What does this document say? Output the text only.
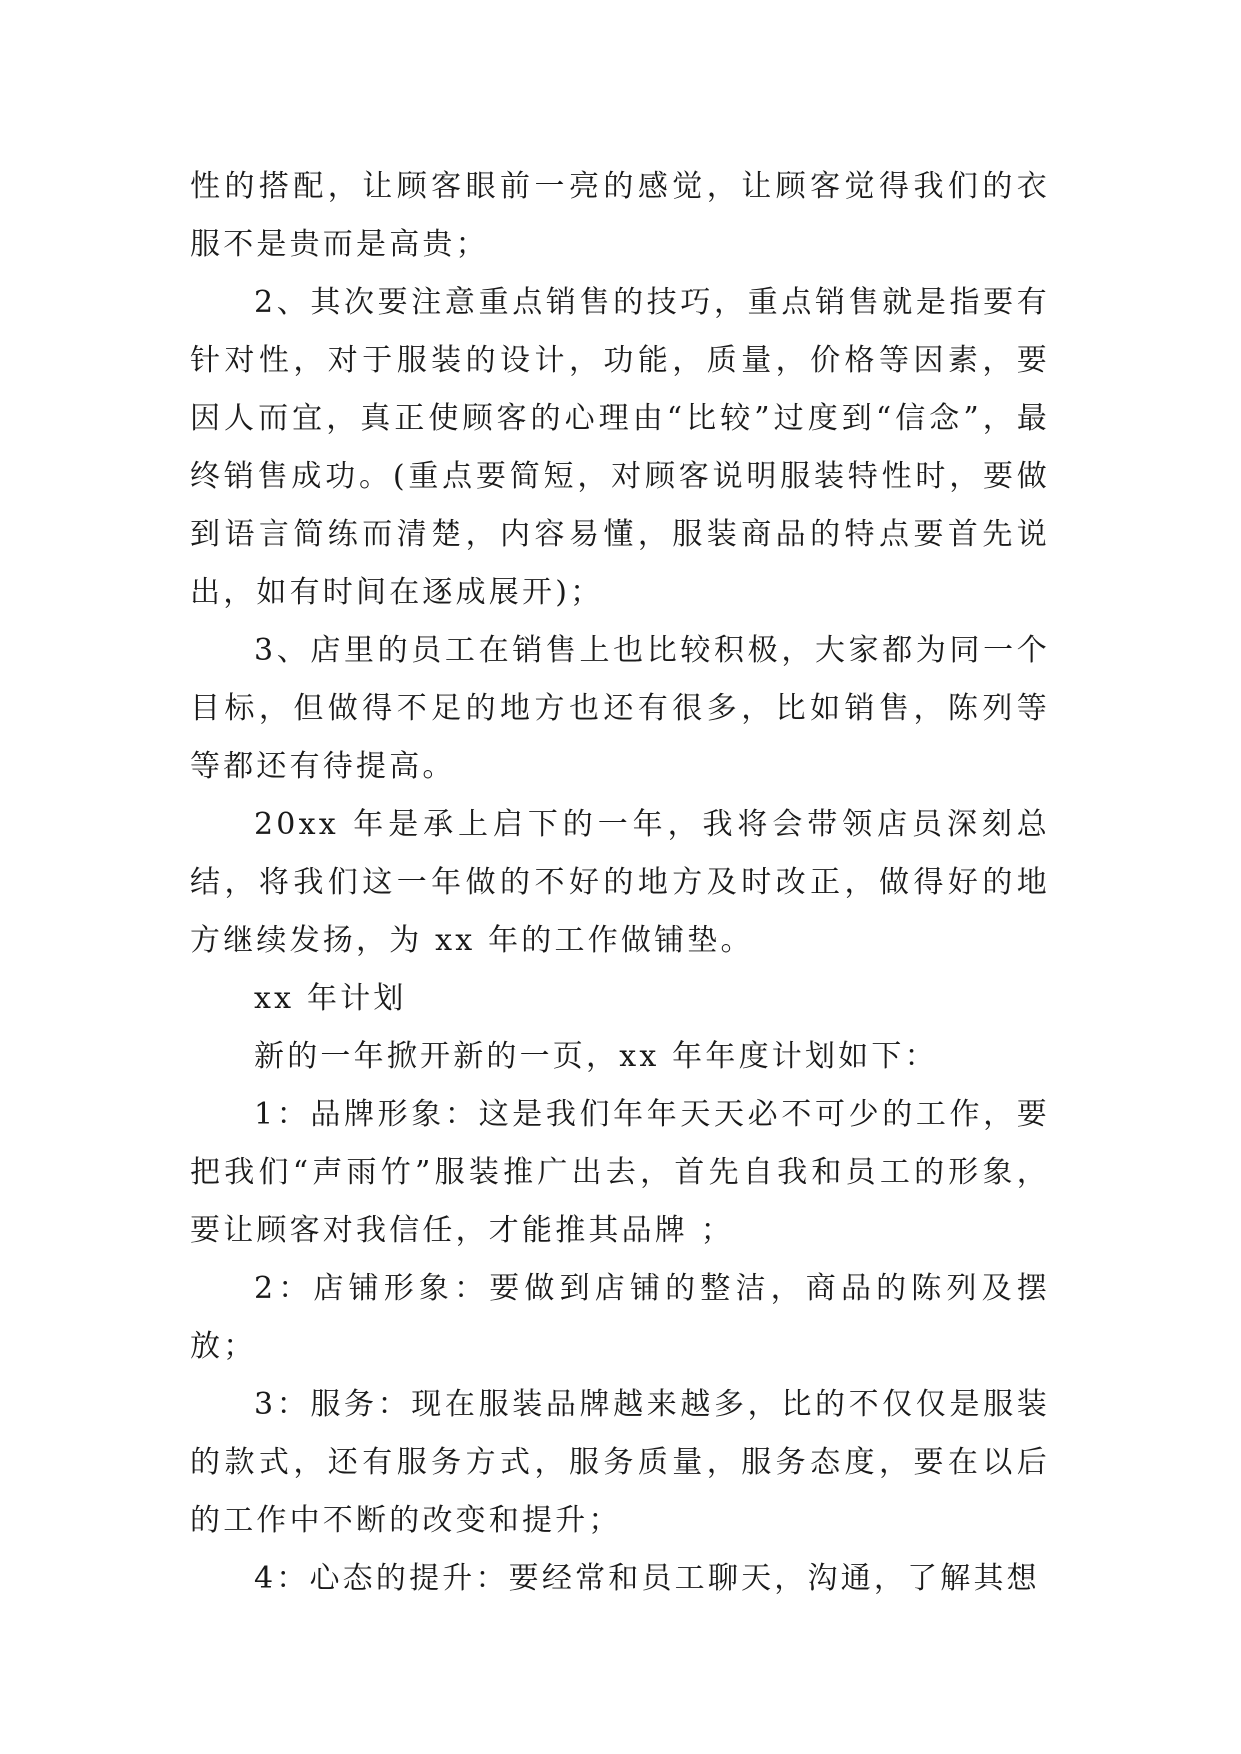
性的搭配，让顾客眼前一亮的感觉，让顾客觉得我们的衣服不是贵而是高贵；

2、其次要注意重点销售的技巧，重点销售就是指要有针对性，对于服装的设计，功能，质量，价格等因素，要因人而宜，真正使顾客的心理由“比较”过度到“信念”，最终销售成功。(重点要简短，对顾客说明服装特性时，要做到语言简练而清楚，内容易懂，服装商品的特点要首先说出，如有时间在逐成展开)；

3、店里的员工在销售上也比较积极，大家都为同一个目标，但做得不足的地方也还有很多，比如销售，陈列等等都还有待提高。

20xx 年是承上启下的一年，我将会带领店员深刻总结，将我们这一年做的不好的地方及时改正，做得好的地方继续发扬，为 xx 年的工作做铺垫。

xx 年计划

新的一年掀开新的一页，xx 年年度计划如下：

1：品牌形象：这是我们年年天天必不可少的工作，要把我们“声雨竹”服装推广出去，首先自我和员工的形象，要让顾客对我信任，才能推其品牌 ；

2：店铺形象：要做到店铺的整洁，商品的陈列及摆放；

3：服务：现在服装品牌越来越多，比的不仅仅是服装的款式，还有服务方式，服务质量，服务态度，要在以后的工作中不断的改变和提升；

4：心态的提升：要经常和员工聊天，沟通，了解其想
